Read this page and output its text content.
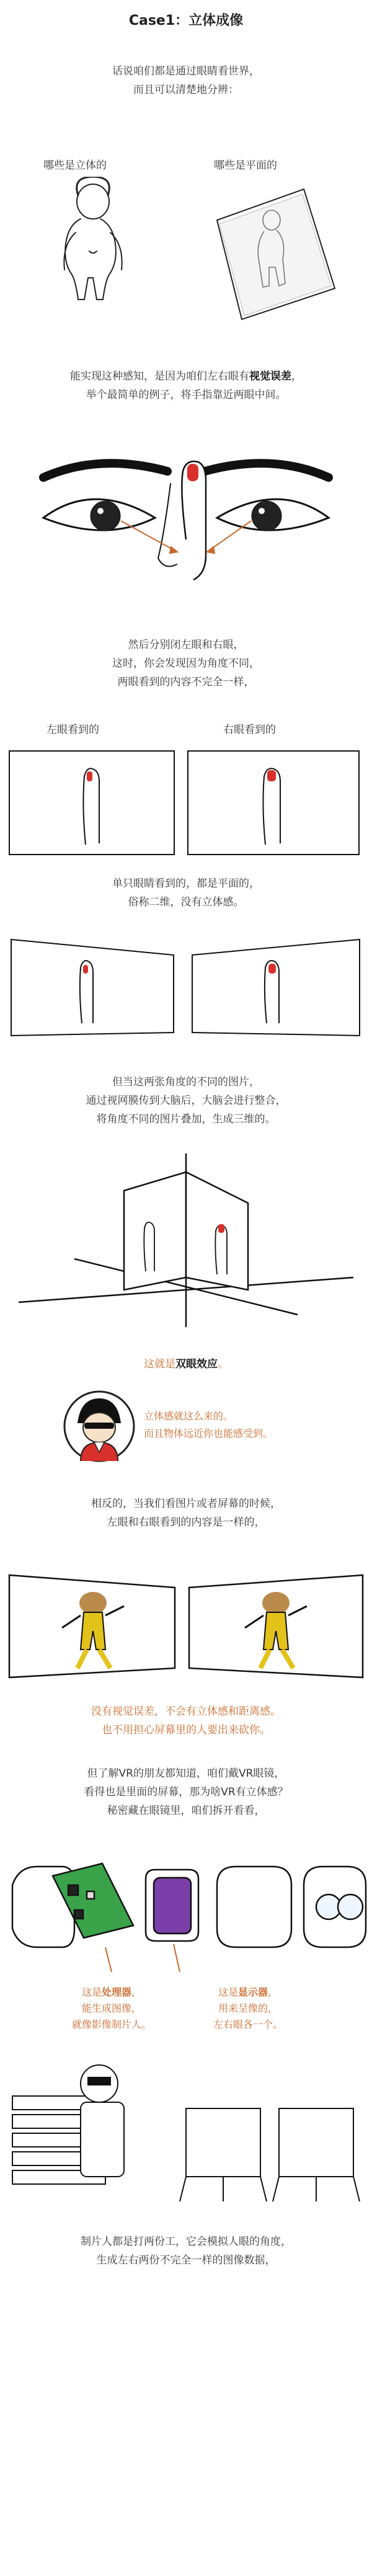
Case1：立体成像
话说咱们都是通过眼睛看世界，
而且可以清楚地分辨：
哪些是立体的	哪些是平面的
能实现这种感知，是因为咱们左右眼有视觉误差，
举个最简单的例子，将手指靠近两眼中间。
然后分别闭左眼和右眼，
这时，你会发现因为角度不同，
两眼看到的内容不完全一样，
左眼看到的	右眼看到的
单只眼睛看到的，都是平面的，
俗称二维，没有立体感。
但当这两张角度的不同的图片，
通过视网膜传到大脑后，大脑会进行整合，
将角度不同的图片叠加，生成三维的。
这就是双眼效应。
立体感就这么来的。
而且物体远近你也能感受到。
相反的，当我们看图片或者屏幕的时候，
左眼和右眼看到的内容是一样的，
没有视觉误差，不会有立体感和距离感。
也不用担心屏幕里的人要出来砍你。
但了解VR的朋友都知道，咱们戴VR眼镜，
看得也是里面的屏幕，那为啥VR有立体感？
秘密藏在眼镜里，咱们拆开看看，
这是处理器，
能生成图像，
就像影像制片人。
这是显示器，
用来呈像的，
左右眼各一个。
制片人都是打两份工，它会模拟人眼的角度，
生成左右两份不完全一样的图像数据，
